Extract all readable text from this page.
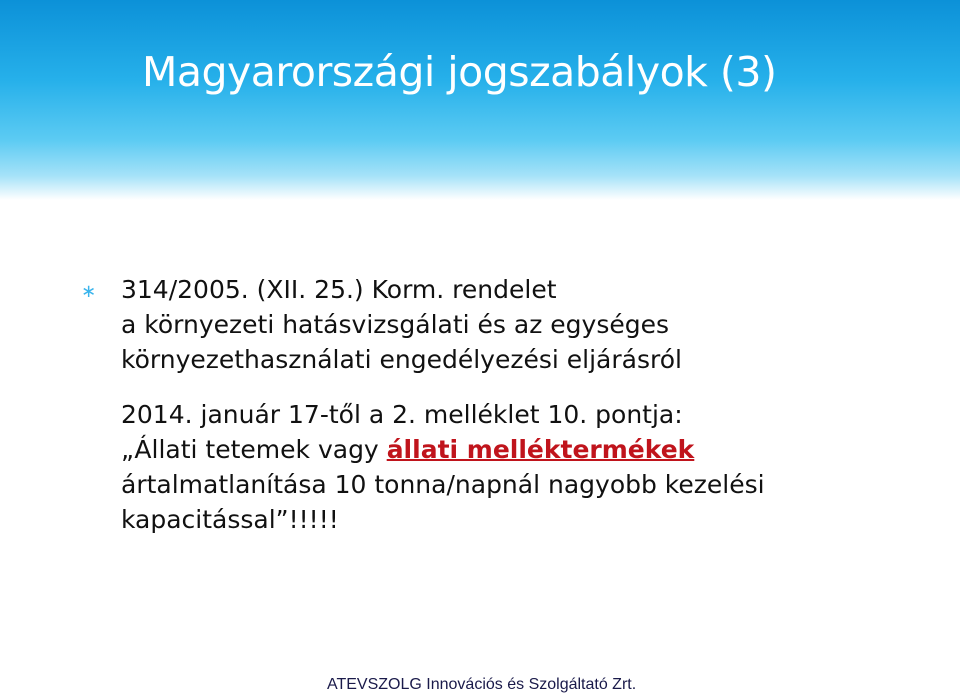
Magyarországi jogszabályok (3)
∗ 314/2005. (XII. 25.) Korm. rendelet
a környezeti hatásvizsgálati és az egységes
környezethasználati engedélyezési eljárásról
2014. január 17-től a 2. melléklet 10. pontja:
„Állati tetemek vagy állati melléktermékek
ártalmatlanítása 10 tonna/napnál nagyobb kezelési
kapacitással”!!!!!
ATEVSZOLG Innovációs és Szolgáltató Zrt.
